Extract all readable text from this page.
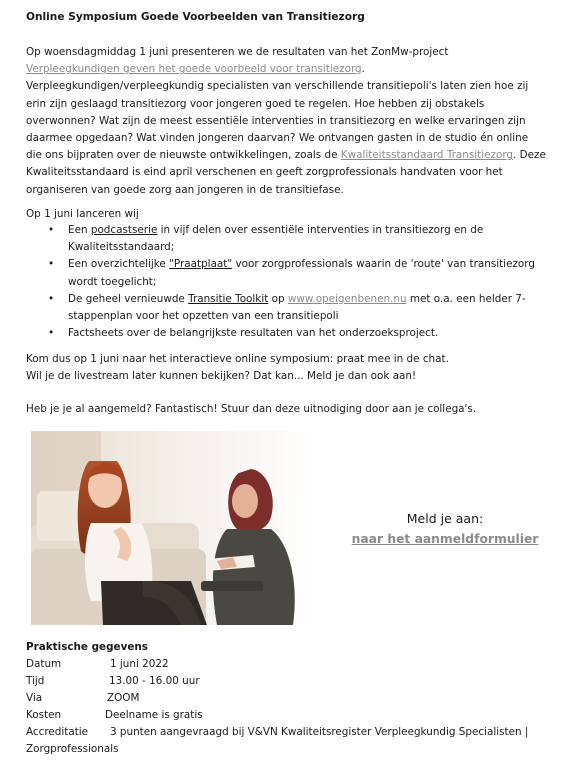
Online Symposium Goede Voorbeelden van Transitiezorg
Op woensdagmiddag 1 juni presenteren we de resultaten van het ZonMw-project
Verpleegkundigen geven het goede voorbeeld voor transitiezorg.
Verpleegkundigen/verpleegkundig specialisten van verschillende transitiepoli's laten zien hoe zij
erin zijn geslaagd transitiezorg voor jongeren goed te regelen. Hoe hebben zij obstakels
overwonnen? Wat zijn de meest essentiële interventies in transitiezorg en welke ervaringen zijn
daarmee opgedaan? Wat vinden jongeren daarvan? We ontvangen gasten in de studio én online
die ons bijpraten over de nieuwste ontwikkelingen, zoals de Kwaliteitsstandaard Transitiezorg. Deze
Kwaliteitsstandaard is eind april verschenen en geeft zorgprofessionals handvaten voor het
organiseren van goede zorg aan jongeren in de transitiefase.
Op 1 juni lanceren wij
• Een podcastserie in vijf delen over essentiële interventies in transitiezorg en de
Kwaliteitsstandaard;
• Een overzichtelijke "Praatplaat" voor zorgprofessionals waarin de 'route' van transitiezorg
wordt toegelicht;
• De geheel vernieuwde Transitie Toolkit op www.opeigenbenen.nu met o.a. een helder 7-
stappenplan voor het opzetten van een transitiepoli
• Factsheets over de belangrijkste resultaten van het onderzoeksproject.
Kom dus op 1 juni naar het interactieve online symposium: praat mee in de chat.
Wil je de livestream later kunnen bekijken? Dat kan... Meld je dan ook aan!
Heb je je al aangemeld? Fantastisch! Stuur dan deze uitnodiging door aan je collega's.
Praktische gegevens
Datum	1 juni 2022
Tijd	13.00 - 16.00 uur
Via	ZOOM
Kosten	Deelname is gratis
Accreditatie 3 punten aangevraagd bij V&VN Kwaliteitsregister Verpleegkundig Specialisten |
Zorgprofessionals
Meld je aan:
naar het aanmeldformulier
